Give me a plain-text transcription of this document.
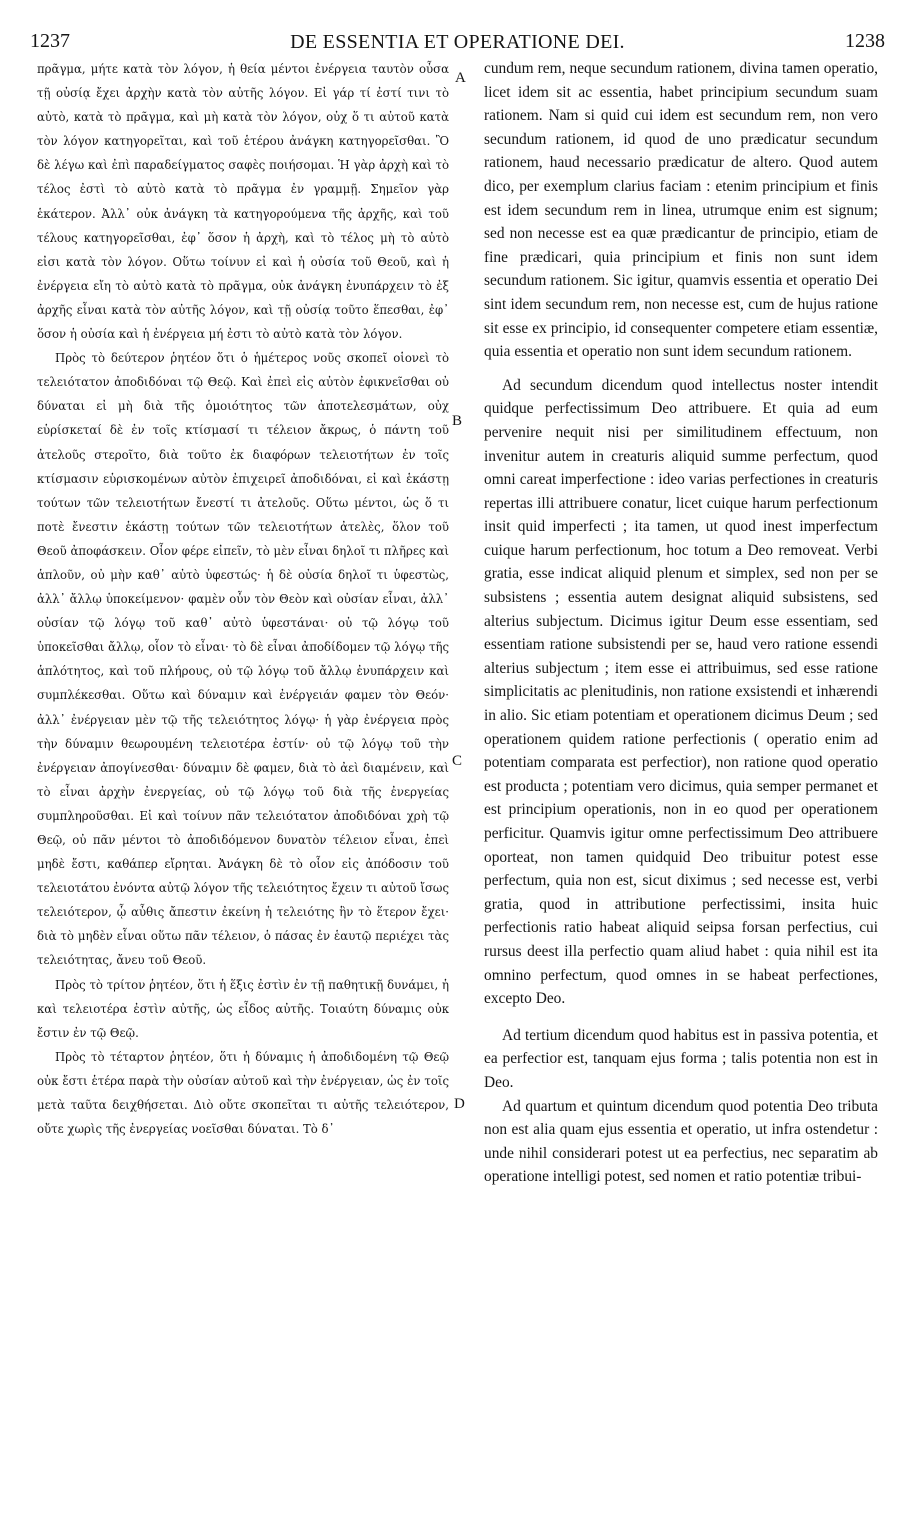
1237	DE ESSENTIA ET OPERATIONE DEI.	1238

πρᾶγμα, μήτε κατὰ τὸν λόγον, ἡ θεία μέντοι ἐνέργεια ταυτὸν οὖσα τῇ οὐσίᾳ ἔχει ἀρχὴν κατὰ τὸν αὐτῆς λόγον. Εἰ γάρ τί ἐστί τινι τὸ αὐτὸ, κατὰ τὸ πρᾶγμα, καὶ μὴ κατὰ τὸν λόγον, οὐχ ὅ τι αὐτοῦ κατὰ τὸν λόγον κατηγορεῖται, καὶ τοῦ ἑτέρου ἀνάγκη κατηγορεῖσθαι. Ὃ δὲ λέγω καὶ ἐπὶ παραδείγματος σαφὲς ποιήσομαι. Ἡ γὰρ ἀρχὴ καὶ τὸ τέλος ἐστὶ τὸ αὐτὸ κατὰ τὸ πρᾶγμα ἐν γραμμῇ. Σημεῖον γὰρ ἑκάτερον. Ἀλλ᾽ οὐκ ἀνάγκη τὰ κατηγορούμενα τῆς ἀρχῆς, καὶ τοῦ τέλους κατηγορεῖσθαι, ἐφ᾽ ὅσον ἡ ἀρχὴ, καὶ τὸ τέλος μὴ τὸ αὐτὸ εἰσι κατὰ τὸν λόγον. Οὕτω τοίνυν εἰ καὶ ἡ οὐσία τοῦ Θεοῦ, καὶ ἡ ἐνέργεια εἴη τὸ αὐτὸ κατὰ τὸ πρᾶγμα, οὐκ ἀνάγκη ἐνυπάρχειν τὸ ἐξ ἀρχῆς εἶναι κατὰ τὸν αὐτῆς λόγον, καὶ τῇ οὐσίᾳ τοῦτο ἕπεσθαι, ἐφ᾽ ὅσον ἡ οὐσία καὶ ἡ ἐνέργεια μή ἐστι τὸ αὐτὸ κατὰ τὸν λόγον.

Πρὸς τὸ δεύτερον ῥητέον ὅτι ὁ ἡμέτερος νοῦς σκοπεῖ οἱονεὶ τὸ τελειότατον ἀποδιδόναι τῷ Θεῷ. Καὶ ἐπεὶ εἰς αὐτὸν ἐφικνεῖσθαι οὐ δύναται εἰ μὴ διὰ τῆς ὁμοιότητος τῶν ἀποτελεσμάτων, οὐχ εὑρίσκεταί δὲ ἐν τοῖς κτίσμασί τι τέλειον ἄκρως, ὁ πάντη τοῦ ἀτελοῦς στεροῖτο, διὰ τοῦτο ἐκ διαφόρων τελειοτήτων ἐν τοῖς κτίσμασιν εὑρισκομένων αὐτὸν ἐπιχειρεῖ ἀποδιδόναι, εἰ καὶ ἑκάστῃ τούτων τῶν τελειοτήτων ἔνεστί τι ἀτελοῦς. Οὕτω μέντοι, ὡς ὅ τι ποτὲ ἔνεστιν ἑκάστῃ τούτων τῶν τελειοτήτων ἀτελὲς, ὅλον τοῦ Θεοῦ ἀποφάσκειν. Οἷον φέρε εἰπεῖν, τὸ μὲν εἶναι δηλοῖ τι πλῆρες καὶ ἁπλοῦν, οὐ μὴν καθ᾽ αὐτὸ ὑφεστώς· ἡ δὲ οὐσία δηλοῖ τι ὑφεστὼς, ἀλλ᾽ ἄλλῳ ὑποκείμενον· φαμὲν οὖν τὸν Θεὸν καὶ οὐσίαν εἶναι, ἀλλ᾽ οὐσίαν τῷ λόγῳ τοῦ καθ᾽ αὐτὸ ὑφεστάναι· οὐ τῷ λόγῳ τοῦ ὑποκεῖσθαι ἄλλῳ, οἷον τὸ εἶναι· τὸ δὲ εἶναι ἀποδίδομεν τῷ λόγῳ τῆς ἁπλότητος, καὶ τοῦ πλήρους, οὐ τῷ λόγῳ τοῦ ἄλλῳ ἐνυπάρχειν καὶ συμπλέκεσθαι. Οὕτω καὶ δύναμιν καὶ ἐνέργειάν φαμεν τὸν Θεόν· ἀλλ᾽ ἐνέργειαν μὲν τῷ τῆς τελειότητος λόγῳ· ἡ γὰρ ἐνέργεια πρὸς τὴν δύναμιν θεωρουμένη τελειοτέρα ἐστίν· οὐ τῷ λόγῳ τοῦ τὴν ἐνέργειαν ἀπογίνεσθαι· δύναμιν δὲ φαμεν, διὰ τὸ ἀεὶ διαμένειν, καὶ τὸ εἶναι ἀρχὴν ἐνεργείας, οὐ τῷ λόγῳ τοῦ διὰ τῆς ἐνεργείας συμπληροῦσθαι. Εἰ καὶ τοίνυν πᾶν τελειότατον ἀποδιδόναι χρὴ τῷ Θεῷ, οὐ πᾶν μέντοι τὸ ἀποδιδόμενον δυνατὸν τέλειον εἶναι, ἐπεὶ μηδὲ ἔστι, καθάπερ εἴρηται. Ἀνάγκη δὲ τὸ οἷον εἰς ἀπόδοσιν τοῦ τελειοτάτου ἐνόντα αὐτῷ λόγον τῆς τελειότητος ἔχειν τι αὐτοῦ ἴσως τελειότερον, ᾧ αὖθις ἄπεστιν ἐκείνη ἡ τελειότης ἣν τὸ ἕτερον ἔχει· διὰ τὸ μηδὲν εἶναι οὕτω πᾶν τέλειον, ὁ πάσας ἐν ἑαυτῷ περιέχει τὰς τελειότητας, ἄνευ τοῦ Θεοῦ.

Πρὸς τὸ τρίτον ῥητέον, ὅτι ἡ ἕξις ἐστὶν ἐν τῇ παθητικῇ δυνάμει, ἡ καὶ τελειοτέρα ἐστὶν αὐτῆς, ὡς εἶδος αὐτῆς. Τοιαύτη δύναμις οὐκ ἔστιν ἐν τῷ Θεῷ.

Πρὸς τὸ τέταρτον ῥητέον, ὅτι ἡ δύναμις ἡ ἀποδιδομένη τῷ Θεῷ οὐκ ἔστι ἑτέρα παρὰ τὴν οὐσίαν αὐτοῦ καὶ τὴν ἐνέργειαν, ὡς ἐν τοῖς μετὰ ταῦτα δειχθήσεται. Διὸ οὔτε σκοπεῖται τι αὐτῆς τελειότερον, οὔτε χωρὶς τῆς ἐνεργείας νοεῖσθαι δύναται. Τὸ δ᾽

A
B
C
D

cundum rem, neque secundum rationem, divina tamen operatio, licet idem sit ac essentia, habet principium secundum suam rationem. Nam si quid cui idem est secundum rem, non vero secundum rationem, id quod de uno prædicatur secundum rationem, haud necessario prædicatur de altero. Quod autem dico, per exemplum clarius faciam : etenim principium et finis est idem secundum rem in linea, utrumque enim est signum; sed non necesse est ea quæ prædicantur de principio, etiam de fine prædicari, quia principium et finis non sunt idem secundum rationem. Sic igitur, quamvis essentia et operatio Dei sint idem secundum rem, non necesse est, cum de hujus ratione sit esse ex principio, id consequenter competere etiam essentiæ, quia essentia et operatio non sunt idem secundum rationem.

Ad secundum dicendum quod intellectus noster intendit quidque perfectissimum Deo attribuere. Et quia ad eum pervenire nequit nisi per similitudinem effectuum, non invenitur autem in creaturis aliquid summe perfectum, quod omni careat imperfectione : ideo varias perfectiones in creaturis repertas illi attribuere conatur, licet cuique harum perfectionum insit quid imperfecti ; ita tamen, ut quod inest imperfectum cuique harum perfectionum, hoc totum a Deo removeat. Verbi gratia, esse indicat aliquid plenum et simplex, sed non per se subsistens ; essentia autem designat aliquid subsistens, sed alterius subjectum. Dicimus igitur Deum esse essentiam, sed essentiam ratione subsistendi per se, haud vero ratione essendi alterius subjectum ; item esse ei attribuimus, sed esse ratione simplicitatis ac plenitudinis, non ratione exsistendi et inhærendi in alio. Sic etiam potentiam et operationem dicimus Deum ; sed operationem quidem ratione perfectionis ( operatio enim ad potentiam comparata est perfectior), non ratione quod operatio est producta ; potentiam vero dicimus, quia semper permanet et est principium operationis, non in eo quod per operationem perficitur. Quamvis igitur omne perfectissimum Deo attribuere oporteat, non tamen quidquid Deo tribuitur potest esse perfectum, quia non est, sicut diximus ; sed necesse est, verbi gratia, quod in attributione perfectissimi, insita huic perfectionis ratio habeat aliquid seipsa forsan perfectius, cui rursus deest illa perfectio quam aliud habet : quia nihil est ita omnino perfectum, quod omnes in se habeat perfectiones, excepto Deo.

Ad tertium dicendum quod habitus est in passiva potentia, et ea perfectior est, tanquam ejus forma ; talis potentia non est in Deo.

Ad quartum et quintum dicendum quod potentia Deo tributa non est alia quam ejus essentia et operatio, ut infra ostendetur : unde nihil considerari potest ut ea perfectius, nec separatim ab operatione intelligi potest, sed nomen et ratio potentiæ tribui-
